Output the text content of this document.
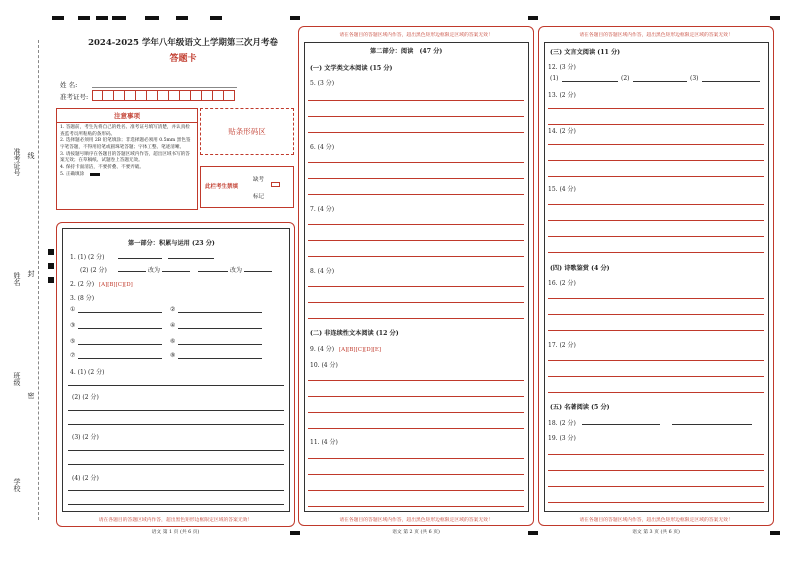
准考证号 线
姓名 封
班级
密
学校
2024-2025 学年八年级语文上学期第三次月考卷
答题卡
姓 名:
准考证号:
注意事项
1. 答题前，考生先将自己的姓名、准考证号填写清楚，并认真检查监考员所粘贴的条形码。
2. 选择题必须用 2B 铅笔填涂；非选择题必须用 0.5mm 黑色签字笔答题，不得用铅笔或圆珠笔答题；字体工整、笔迹清晰。
3. 请按题号顺序在各题目的答题区域内作答，超出区域书写的答案无效；在草稿纸、试题卷上答题无效。
4. 保持卡面清洁，不要折叠、不要弄破。
5. 正确填涂
贴条形码区
此栏考生禁填
缺考
标记
第一部分：积累与运用 (23 分)
1. (1) (2 分)
(2) (2 分)	改为	改为
2. (2 分) [A][B][C][D]
3. (8 分)
①	②
③	④
⑤	⑥
⑦	⑧
4. (1) (2 分)
(2) (2 分)
(3) (2 分)
(4) (2 分)
请在各题目的答题区域内作答，超出黑色矩形边框限定区域的答案无效！
语文 第 1 页 (共 6 页)
请在各题目的答题区域内作答，超出黑色矩形边框限定区域的答案无效！
第二部分：阅读　(47 分)
(一) 文学类文本阅读 (15 分)
5. (3 分)
6. (4 分)
7. (4 分)
8. (4 分)
(二) 非连续性文本阅读 (12 分)
9. (4 分) [A][B][C][D][E]
10. (4 分)
11. (4 分)
请在各题目的答题区域内作答，超出黑色矩形边框限定区域的答案无效！
语文 第 2 页 (共 6 页)
请在各题目的答题区域内作答，超出黑色矩形边框限定区域的答案无效！
(三) 文言文阅读 (11 分)
12. (3 分)
(1)	(2)	(3)
13. (2 分)
14. (2 分)
15. (4 分)
(四) 诗歌鉴赏 (4 分)
16. (2 分)
17. (2 分)
(五) 名著阅读 (5 分)
18. (2 分)
19. (3 分)
请在各题目的答题区域内作答，超出黑色矩形边框限定区域的答案无效！
语文 第 3 页 (共 6 页)
